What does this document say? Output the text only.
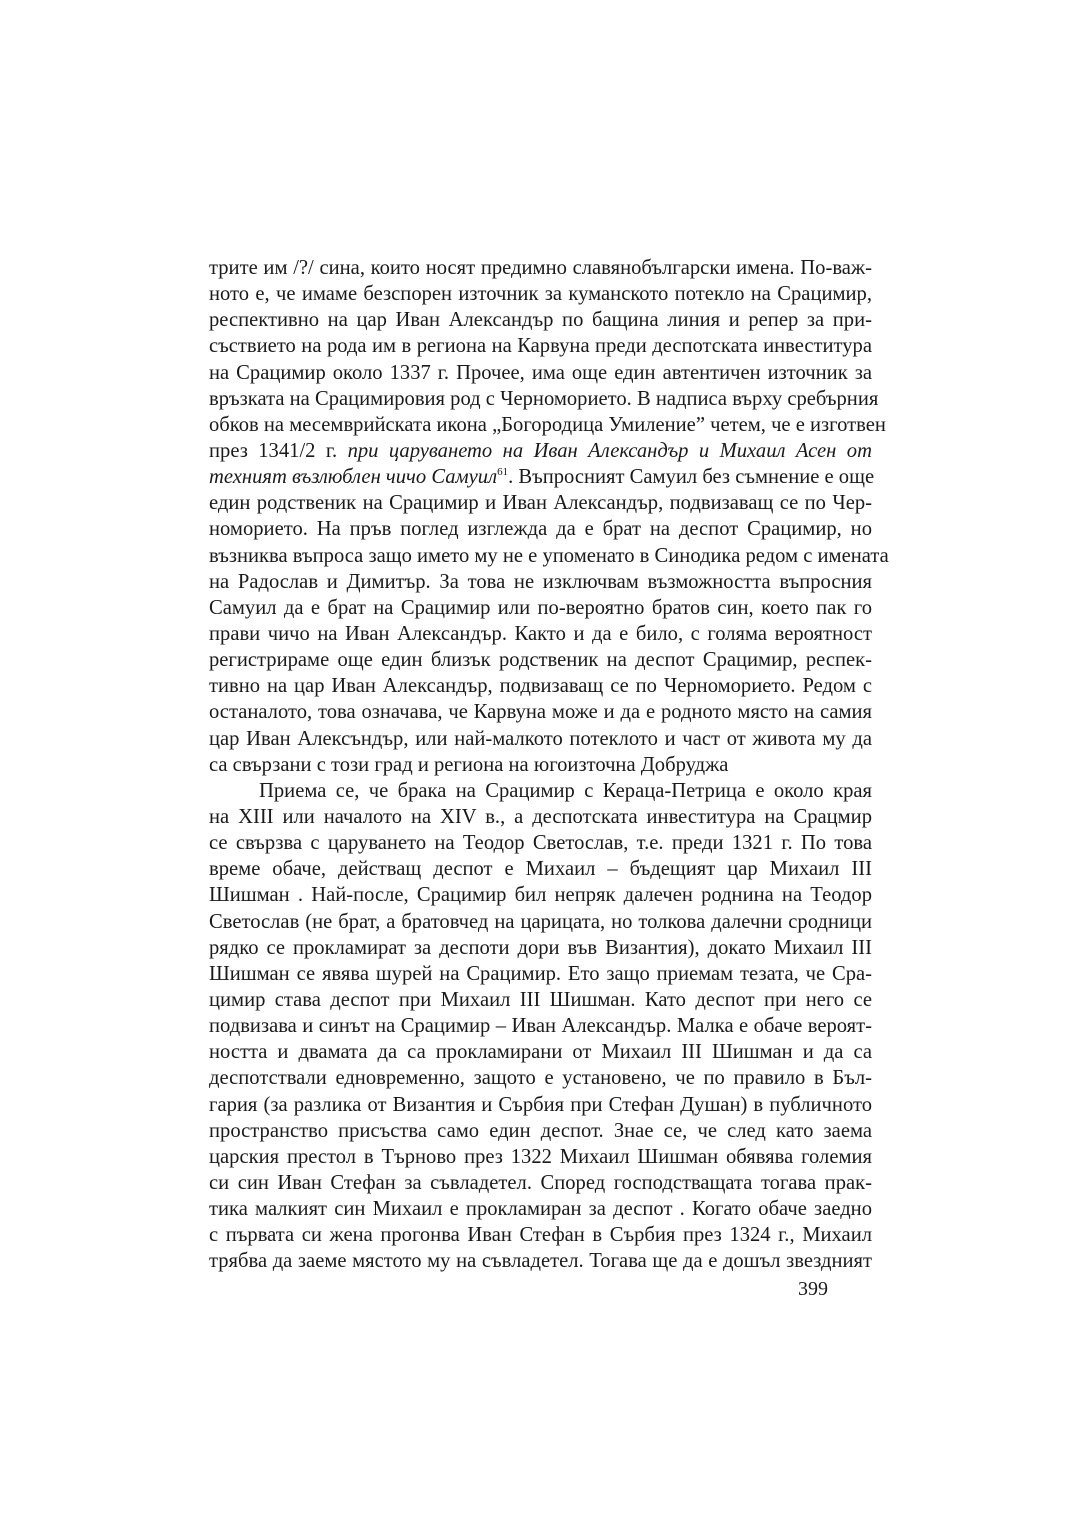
трите им /?/ сина, които носят предимно славянобългарски имена. По-важ-
ното е, че имаме безспорен източник за куманското потекло на Срацимир,
респективно на цар Иван Александър по бащина линия и репер за при-
съствието на рода им в региона на Карвуна преди деспотската инвеститура
на Срацимир около 1337 г. Прочее, има още един автентичен източник за
връзката на Срацимировия род с Черноморието. В надписа върху сребърния
обков на месемврийската икона „Богородица Умиление” четем, че е изготвен
през 1341/2 г. при царуването на Иван Александър и Михаил Асен от
техният възлюблен чичо Самуил$^{61}$. Въпросният Самуил без съмнение е още
един родственик на Срацимир и Иван Александър, подвизаващ се по Чер-
номорието. На пръв поглед изглежда да е брат на деспот Срацимир, но
възниква въпроса защо името му не е упоменато в Синодика редом с имената
на Радослав и Димитър. За това не изключвам възможността въпросния
Самуил да е брат на Срацимир или по-вероятно братов син, което пак го
прави чичо на Иван Александър. Както и да е било, с голяма вероятност
регистрираме още един близък родственик на деспот Срацимир, респек-
тивно на цар Иван Александър, подвизаващ се по Черноморието. Редом с
останалото, това означава, че Карвуна може и да е родното място на самия
цар Иван Алексъндър, или най-малкото потеклото и част от живота му да
са свързани с този град и региона на югоизточна Добруджа
Приема се, че брака на Срацимир с Кераца-Петрица е около края
на XIII или началото на XIV в., а деспотската инвеститура на Срацмир
се свързва с царуването на Теодор Светослав, т.е. преди 1321 г. По това
време обаче, действащ деспот е Михаил – бъдещият цар Михаил III
Шишман . Най-после, Срацимир бил непряк далечен роднина на Теодор
Светослав (не брат, а братовчед на царицата, но толкова далечни сродници
рядко се прокламират за деспоти дори във Византия), докато Михаил III
Шишман се явява шурей на Срацимир. Ето защо приемам тезата, че Сра-
цимир става деспот при Михаил III Шишман. Като деспот при него се
подвизава и синът на Срацимир – Иван Александър. Малка е обаче вероят-
ността и двамата да са прокламирани от Михаил III Шишман и да са
деспотствали едновременно, защото е установено, че по правило в Бъл-
гария (за разлика от Византия и Сърбия при Стефан Душан) в публичното
пространство присъства само един деспот. Знае се, че след като заема
царския престол в Търново през 1322 Михаил Шишман обявява големия
си син Иван Стефан за съвладетел. Според господстващата тогава прак-
тика малкият син Михаил е прокламиран за деспот . Когато обаче заедно
с първата си жена прогонва Иван Стефан в Сърбия през 1324 г., Михаил
трябва да заеме мястото му на съвладетел. Тогава ще да е дошъл звездният
399
